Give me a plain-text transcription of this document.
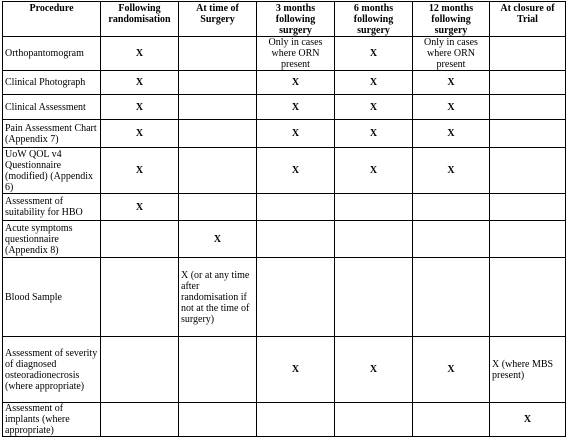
Procedure	Following randomisation	At time of Surgery	3 months following surgery	6 months following surgery	12 months following surgery	At closure of Trial
Orthopantomogram	X		Only in cases where ORN present	X	Only in cases where ORN present	
Clinical Photograph	X		X	X	X	
Clinical Assessment	X		X	X	X	
Pain Assessment Chart (Appendix 7)	X		X	X	X	
UoW QOL v4 Questionnaire (modified) (Appendix 6)	X		X	X	X	
Assessment of suitability for HBO	X					
Acute symptoms questionnaire (Appendix 8)		X				
Blood Sample		X (or at any time after randomisation if not at the time of surgery)				
Assessment of severity of diagnosed osteoradionecrosis (where appropriate)			X	X	X	X (where MBS present)
Assessment of implants (where appropriate)						X
